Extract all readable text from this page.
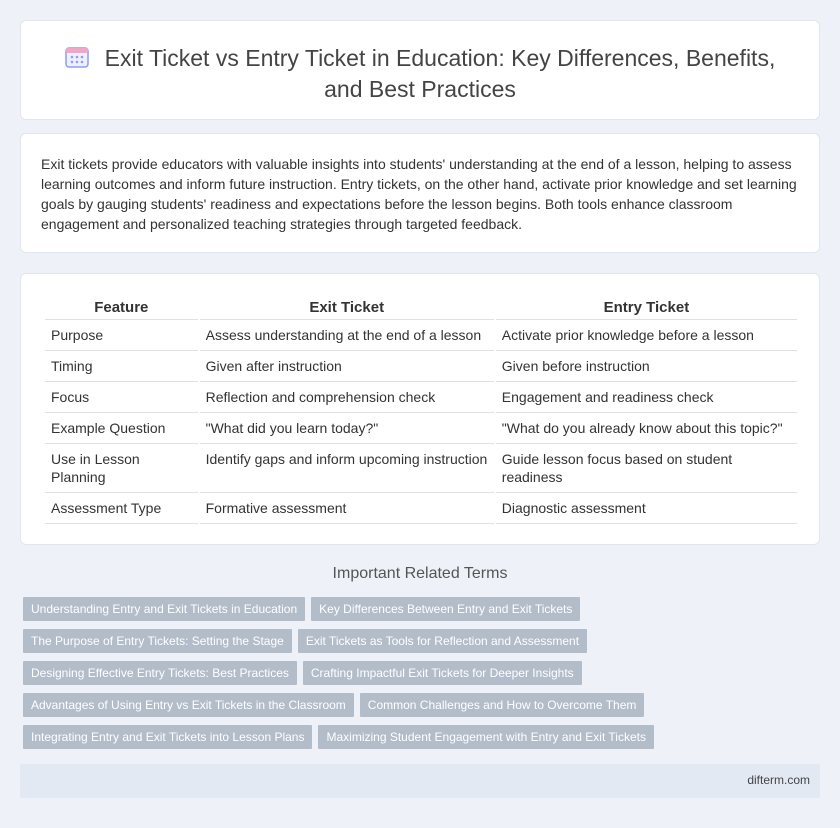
Exit Ticket vs Entry Ticket in Education: Key Differences, Benefits, and Best Practices

Exit tickets provide educators with valuable insights into students' understanding at the end of a lesson, helping to assess learning outcomes and inform future instruction. Entry tickets, on the other hand, activate prior knowledge and set learning goals by gauging students' readiness and expectations before the lesson begins. Both tools enhance classroom engagement and personalized teaching strategies through targeted feedback.

Feature	Exit Ticket	Entry Ticket
Purpose	Assess understanding at the end of a lesson	Activate prior knowledge before a lesson
Timing	Given after instruction	Given before instruction
Focus	Reflection and comprehension check	Engagement and readiness check
Example Question	"What did you learn today?"	"What do you already know about this topic?"
Use in Lesson Planning	Identify gaps and inform upcoming instruction	Guide lesson focus based on student readiness
Assessment Type	Formative assessment	Diagnostic assessment
Important Related Terms
Understanding Entry and Exit Tickets in Education Key Differences Between Entry and Exit Tickets
The Purpose of Entry Tickets: Setting the Stage Exit Tickets as Tools for Reflection and Assessment
Designing Effective Entry Tickets: Best Practices Crafting Impactful Exit Tickets for Deeper Insights
Advantages of Using Entry vs Exit Tickets in the Classroom Common Challenges and How to Overcome Them
Integrating Entry and Exit Tickets into Lesson Plans Maximizing Student Engagement with Entry and Exit Tickets
difterm.com
